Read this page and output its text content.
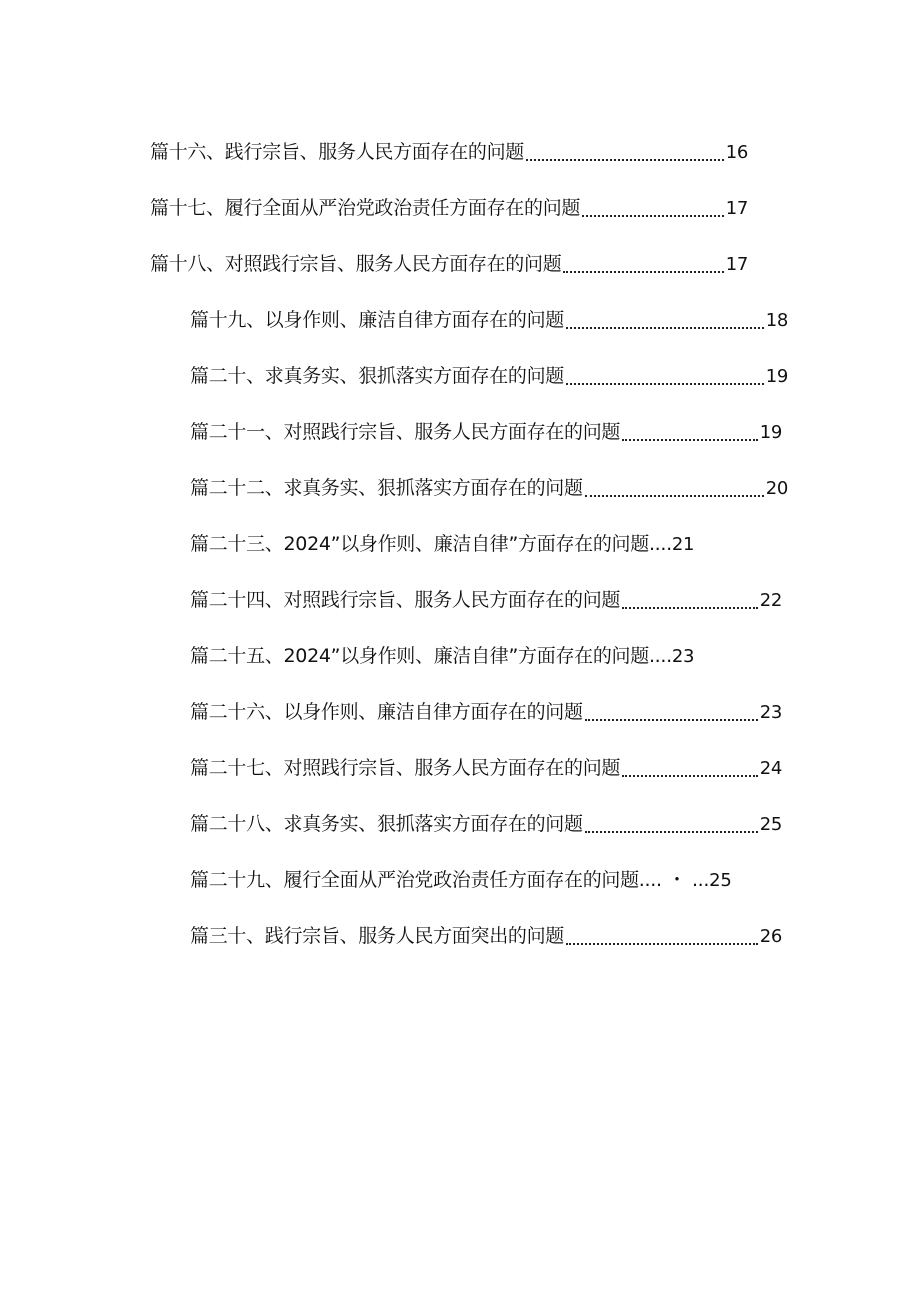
篇十六、践行宗旨、服务人民方面存在的问题	16
篇十七、履行全面从严治党政治责任方面存在的问题	17
篇十八、对照践行宗旨、服务人民方面存在的问题	17
篇十九、以身作则、廉洁自律方面存在的问题	18
篇二十、求真务实、狠抓落实方面存在的问题	19
篇二十一、对照践行宗旨、服务人民方面存在的问题	19
篇二十二、求真务实、狠抓落实方面存在的问题	20
篇二十三、2024”以身作则、廉洁自律”方面存在的问题.... 21
篇二十四、对照践行宗旨、服务人民方面存在的问题	22
篇二十五、2024”以身作则、廉洁自律”方面存在的问题.... 23
篇二十六、以身作则、廉洁自律方面存在的问题	23
篇二十七、对照践行宗旨、服务人民方面存在的问题	24
篇二十八、求真务实、狠抓落实方面存在的问题	25
篇二十九、履行全面从严治党政治责任方面存在的问题.... ・ ... 25
篇三十、践行宗旨、服务人民方面突出的问题	26
